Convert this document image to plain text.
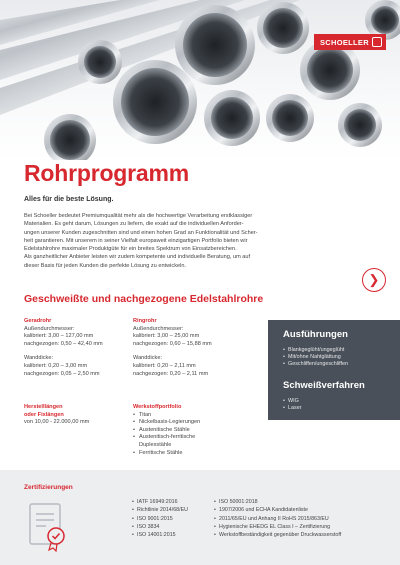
SCHOELLER
Rohrprogramm
Alles für die beste Lösung.
Bei Schoeller bedeutet Premiumqualität mehr als die hochwertige Verarbeitung erstklassiger
Materialien. Es geht darum, Lösungen zu liefern, die exakt auf die individuellen Anforder-
ungen unserer Kunden zugeschnitten sind und einen hohen Grad an Funktionalität und Scher-
heit garantieren. Mit unserem in seiner Vielfalt europaweit einzigartigen Portfolio bieten wir
Edelstahlrohre maximaler Produktgüte für ein breites Spektrum von Einsatzbereichen.
Als ganzheitlicher Anbieter leisten wir zudem kompetente und individuelle Beratung, um auf
dieser Basis für jeden Kunden die perfekte Lösung zu entwickeln.
❯
Geschweißte und nachgezogene Edelstahlrohre
Geradrohr
Außendurchmesser:
kalibriert: 3,00 – 127,00 mm
nachgezogen: 0,50 – 42,40 mm
Wanddicke:
kalibriert: 0,20 – 3,00 mm
nachgezogen: 0,05 – 2,50 mm
Ringrohr
Außendurchmesser:
kalibriert: 3,00 – 25,00 mm
nachgezogen: 0,60 – 15,88 mm
Wanddicke:
kalibriert: 0,20 – 2,11 mm
nachgezogen: 0,20 – 2,11 mm
Herstelllängen
oder Fixlängen
von 10,00 - 22.000,00 mm
Werkstoffportfolio
• Titan
• Nickelbasis-Legierungen
• Austenitische Stähle
• Austenitisch-ferritische
Duplexstähle
• Ferritische Stähle
Ausführungen
• Blankgeglüht/ungeglüht
• Mit/ohne Nahtglättung
• Geschliffen/ungeschliffen
Schweißverfahren
• WIG
• Laser
Zertifizierungen
• IATF 16949:2016
• Richtlinie 2014/68/EU
• ISO 9001:2015
• ISO 3834
• ISO 14001:2015
• ISO 50001:2018
• 1907/2006 und ECHA Kandidatenliste
• 2011/65/EU und Anhang II RoHS 2015/863/EU
• Hygienische EHEDG EL Class I – Zertifizierung
• Werkstoffbeständigkeit gegenüber Druckwasserstoff
